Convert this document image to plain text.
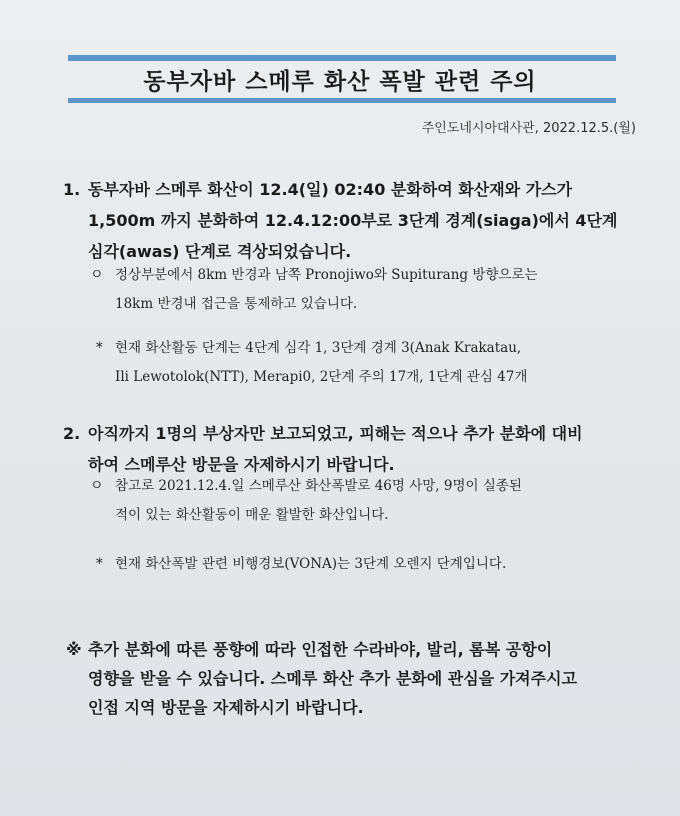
동부자바 스메루 화산 폭발 관련 주의
주인도네시아대사관, 2022.12.5.(월)
1. 동부자바 스메루 화산이 12.4(일) 02:40 분화하여 화산재와 가스가
1,500m 까지 분화하여 12.4.12:00부로 3단계 경계(siaga)에서 4단계
심각(awas) 단계로 격상되었습니다.
ㅇ 정상부분에서 8km 반경과 남쪽 Pronojiwo와 Supiturang 방향으로는
18km 반경내 접근을 통제하고 있습니다.
* 현재 화산활동 단계는 4단계 심각 1, 3단계 경계 3(Anak Krakatau,
Ili Lewotolok(NTT), Merapi0, 2단계 주의 17개, 1단계 관심 47개
2. 아직까지 1명의 부상자만 보고되었고, 피해는 적으나 추가 분화에 대비
하여 스메루산 방문을 자제하시기 바랍니다.
ㅇ 참고로 2021.12.4.일 스메루산 화산폭발로 46명 사망, 9명이 실종된
적이 있는 화산활동이 매운 활발한 화산입니다.
* 현재 화산폭발 관련 비행경보(VONA)는 3단계 오렌지 단계입니다.
※ 추가 분화에 따른 풍향에 따라 인접한 수라바야, 발리, 롬복 공항이
영향을 받을 수 있습니다. 스메루 화산 추가 분화에 관심을 가져주시고
인접 지역 방문을 자제하시기 바랍니다.
